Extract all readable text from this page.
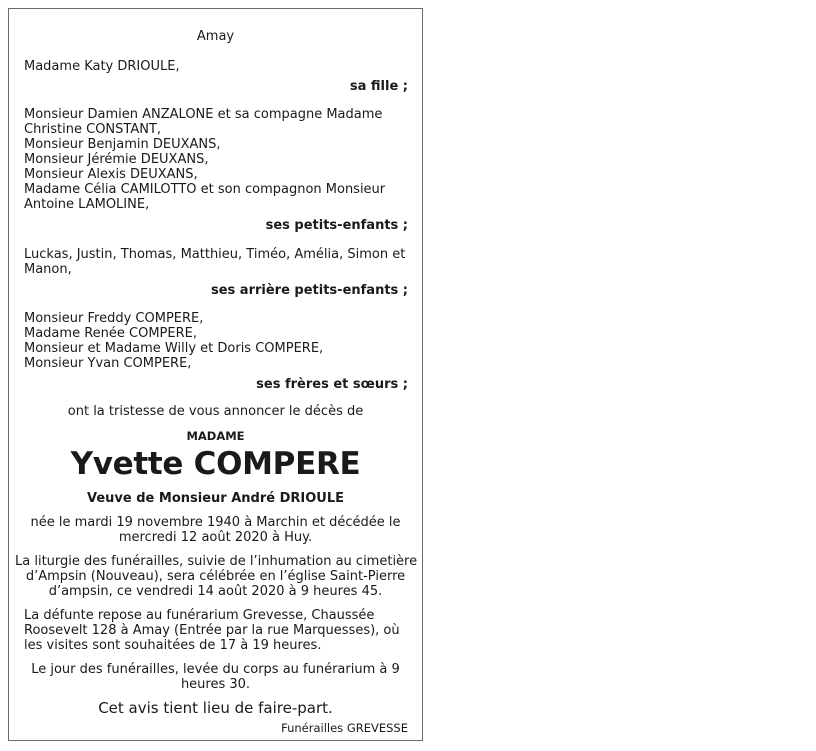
Amay
Madame Katy DRIOULE,
sa fille ;
Monsieur Damien ANZALONE et sa compagne Madame
Christine CONSTANT,
Monsieur Benjamin DEUXANS,
Monsieur Jérémie DEUXANS,
Monsieur Alexis DEUXANS,
Madame Célia CAMILOTTO et son compagnon Monsieur
Antoine LAMOLINE,
ses petits-enfants ;
Luckas, Justin, Thomas, Matthieu, Timéo, Amélia, Simon et
Manon,
ses arrière petits-enfants ;
Monsieur Freddy COMPERE,
Madame Renée COMPERE,
Monsieur et Madame Willy et Doris COMPERE,
Monsieur Yvan COMPERE,
ses frères et sœurs ;
ont la tristesse de vous annoncer le décès de
MADAME
Yvette COMPERE
Veuve de Monsieur André DRIOULE
née le mardi 19 novembre 1940 à Marchin et décédée le
mercredi 12 août 2020 à Huy.
La liturgie des funérailles, suivie de l’inhumation au cimetière
d’Ampsin (Nouveau), sera célébrée en l’église Saint-Pierre
d’ampsin, ce vendredi 14 août 2020 à 9 heures 45.
La défunte repose au funérarium Grevesse, Chaussée
Roosevelt 128 à Amay (Entrée par la rue Marquesses), où
les visites sont souhaitées de 17 à 19 heures.
Le jour des funérailles, levée du corps au funérarium à 9
heures 30.
Cet avis tient lieu de faire-part.
Funérailles GREVESSE
